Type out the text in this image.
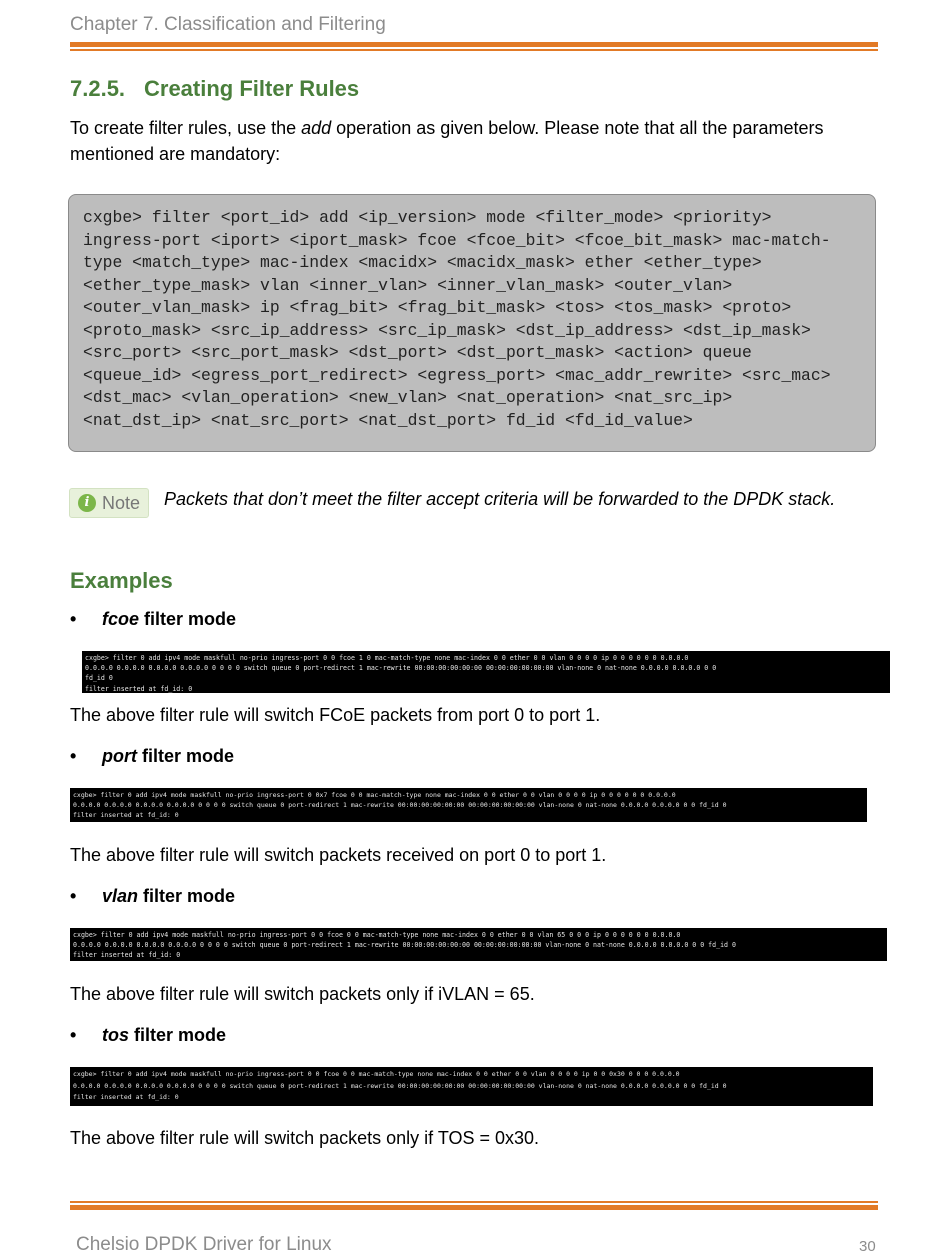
Chapter 7. Classification and Filtering
7.2.5. Creating Filter Rules

To create filter rules, use the add operation as given below. Please note that all the parameters mentioned are mandatory:

cxgbe> filter <port_id> add <ip_version> mode <filter_mode> <priority>
ingress-port <iport> <iport_mask> fcoe <fcoe_bit> <fcoe_bit_mask> mac-match-
type <match_type> mac-index <macidx> <macidx_mask> ether <ether_type>
<ether_type_mask> vlan <inner_vlan> <inner_vlan_mask> <outer_vlan>
<outer_vlan_mask> ip <frag_bit> <frag_bit_mask> <tos> <tos_mask> <proto>
<proto_mask> <src_ip_address> <src_ip_mask> <dst_ip_address> <dst_ip_mask>
<src_port> <src_port_mask> <dst_port> <dst_port_mask> <action> queue
<queue_id> <egress_port_redirect> <egress_port> <mac_addr_rewrite> <src_mac>
<dst_mac> <vlan_operation> <new_vlan> <nat_operation> <nat_src_ip>
<nat_dst_ip> <nat_src_port> <nat_dst_port> fd_id <fd_id_value>
i Note	Packets that don’t meet the filter accept criteria will be forwarded to the DPDK stack.

Examples
• fcoe filter mode
cxgbe> filter 0 add ipv4 mode maskfull no-prio ingress-port 0 0 fcoe 1 0 mac-match-type none mac-index 0 0 ether 0 0 vlan 0 0 0 0 ip 0 0 0 0 0 0 0.0.0.0
0.0.0.0 0.0.0.0 0.0.0.0 0.0.0.0 0 0 0 0 switch queue 0 port-redirect 1 mac-rewrite 00:00:00:00:00:00 00:00:00:00:00:00 vlan-none 0 nat-none 0.0.0.0 0.0.0.0 0 0
fd_id 0
filter inserted at fd_id: 0

The above filter rule will switch FCoE packets from port 0 to port 1.

• port filter mode
cxgbe> filter 0 add ipv4 mode maskfull no-prio ingress-port 0 0x7 fcoe 0 0 mac-match-type none mac-index 0 0 ether 0 0 vlan 0 0 0 0 ip 0 0 0 0 0 0 0.0.0.0
0.0.0.0 0.0.0.0 0.0.0.0 0.0.0.0 0 0 0 0 switch queue 0 port-redirect 1 mac-rewrite 00:00:00:00:00:00 00:00:00:00:00:00 vlan-none 0 nat-none 0.0.0.0 0.0.0.0 0 0 fd_id 0
filter inserted at fd_id: 0

The above filter rule will switch packets received on port 0 to port 1.

• vlan filter mode
cxgbe> filter 0 add ipv4 mode maskfull no-prio ingress-port 0 0 fcoe 0 0 mac-match-type none mac-index 0 0 ether 0 0 vlan 65 0 0 0 ip 0 0 0 0 0 0 0.0.0.0
0.0.0.0 0.0.0.0 0.0.0.0 0.0.0.0 0 0 0 0 switch queue 0 port-redirect 1 mac-rewrite 00:00:00:00:00:00 00:00:00:00:00:00 vlan-none 0 nat-none 0.0.0.0 0.0.0.0 0 0 fd_id 0
filter inserted at fd_id: 0

The above filter rule will switch packets only if iVLAN = 65.

• tos filter mode
cxgbe> filter 0 add ipv4 mode maskfull no-prio ingress-port 0 0 fcoe 0 0 mac-match-type none mac-index 0 0 ether 0 0 vlan 0 0 0 0 ip 0 0 0x30 0 0 0 0.0.0.0
0.0.0.0 0.0.0.0 0.0.0.0 0.0.0.0 0 0 0 0 switch queue 0 port-redirect 1 mac-rewrite 00:00:00:00:00:00 00:00:00:00:00:00 vlan-none 0 nat-none 0.0.0.0 0.0.0.0 0 0 fd_id 0
filter inserted at fd_id: 0

The above filter rule will switch packets only if TOS = 0x30.

Chelsio DPDK Driver for Linux	30
